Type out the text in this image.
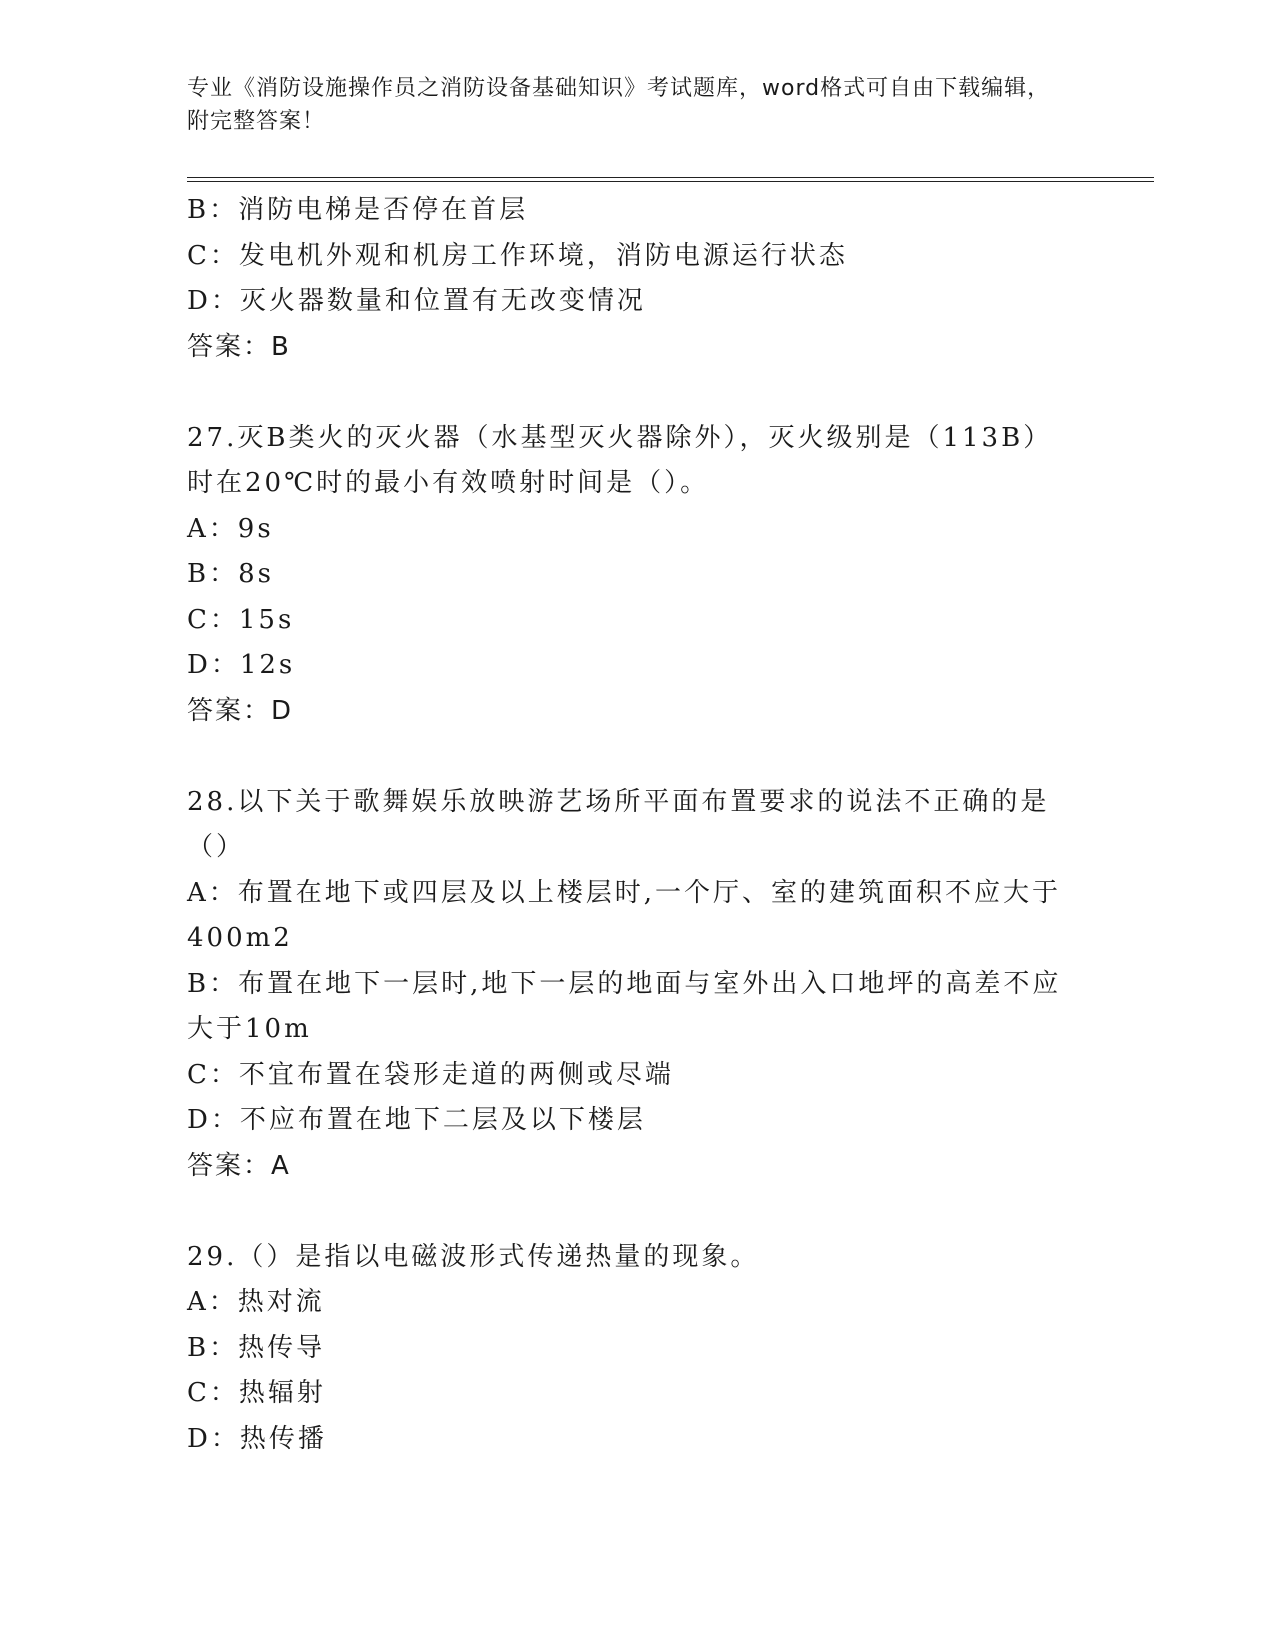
专业《消防设施操作员之消防设备基础知识》考试题库，word格式可自由下载编辑，附完整答案！
B：消防电梯是否停在首层
C：发电机外观和机房工作环境，消防电源运行状态
D：灭火器数量和位置有无改变情况
答案：B
27.灭B类火的灭火器（水基型灭火器除外），灭火级别是（113B）时在20℃时的最小有效喷射时间是（）。
A：9s
B：8s
C：15s
D：12s
答案：D
28.以下关于歌舞娱乐放映游艺场所平面布置要求的说法不正确的是（）
A：布置在地下或四层及以上楼层时,一个厅、室的建筑面积不应大于400m2
B：布置在地下一层时,地下一层的地面与室外出入口地坪的高差不应大于10m
C：不宜布置在袋形走道的两侧或尽端
D：不应布置在地下二层及以下楼层
答案：A
29.（）是指以电磁波形式传递热量的现象。
A：热对流
B：热传导
C：热辐射
D：热传播
